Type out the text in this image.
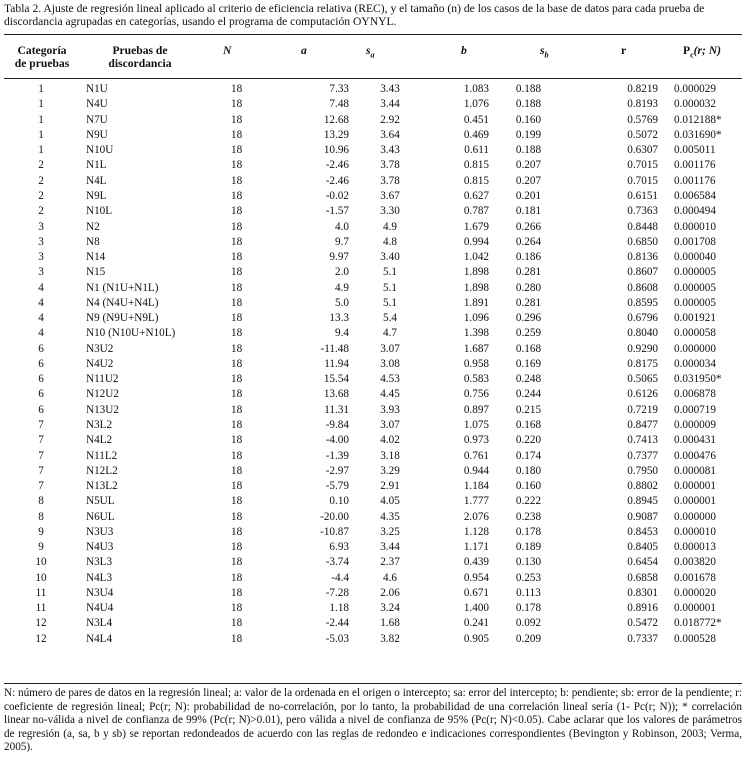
Tabla 2. Ajuste de regresión lineal aplicado al criterio de eficiencia relativa (REC), y el tamaño (n) de los casos de la base de datos para cada prueba de discordancia agrupadas en categorías, usando el programa de computación OYNYL.
Categoría
de pruebas
Pruebas de
discordancia
N	a	$s_a$	b	$s_b$	r	$P_c(r$; N)
1	N1U	18	7.33	3.43	1.083	0.188	0.8219	0.000029
1	N4U	18	7.48	3.44	1.076	0.188	0.8193	0.000032
1	N7U	18	12.68	2.92	0.451	0.160	0.5769	0.012188*
1	N9U	18	13.29	3.64	0.469	0.199	0.5072	0.031690*
1	N10U	18	10.96	3.43	0.611	0.188	0.6307	0.005011
2	N1L	18	-2.46	3.78	0.815	0.207	0.7015	0.001176
2	N4L	18	-2.46	3.78	0.815	0.207	0.7015	0.001176
2	N9L	18	-0.02	3.67	0.627	0.201	0.6151	0.006584
2	N10L	18	-1.57	3.30	0.787	0.181	0.7363	0.000494
3	N2	18	4.0	4.9	1.679	0.266	0.8448	0.000010
3	N8	18	9.7	4.8	0.994	0.264	0.6850	0.001708
3	N14	18	9.97	3.40	1.042	0.186	0.8136	0.000040
3	N15	18	2.0	5.1	1.898	0.281	0.8607	0.000005
4	N1 (N1U+N1L)	18	4.9	5.1	1.898	0.280	0.8608	0.000005
4	N4 (N4U+N4L)	18	5.0	5.1	1.891	0.281	0.8595	0.000005
4	N9 (N9U+N9L)	18	13.3	5.4	1.096	0.296	0.6796	0.001921
4	N10 (N10U+N10L)	18	9.4	4.7	1.398	0.259	0.8040	0.000058
6	N3U2	18	-11.48	3.07	1.687	0.168	0.9290	0.000000
6	N4U2	18	11.94	3.08	0.958	0.169	0.8175	0.000034
6	N11U2	18	15.54	4.53	0.583	0.248	0.5065	0.031950*
6	N12U2	18	13.68	4.45	0.756	0.244	0.6126	0.006878
6	N13U2	18	11.31	3.93	0.897	0.215	0.7219	0.000719
7	N3L2	18	-9.84	3.07	1.075	0.168	0.8477	0.000009
7	N4L2	18	-4.00	4.02	0.973	0.220	0.7413	0.000431
7	N11L2	18	-1.39	3.18	0.761	0.174	0.7377	0.000476
7	N12L2	18	-2.97	3.29	0.944	0.180	0.7950	0.000081
7	N13L2	18	-5.79	2.91	1.184	0.160	0.8802	0.000001
8	N5UL	18	0.10	4.05	1.777	0.222	0.8945	0.000001
8	N6UL	18	-20.00	4.35	2.076	0.238	0.9087	0.000000
9	N3U3	18	-10.87	3.25	1.128	0.178	0.8453	0.000010
9	N4U3	18	6.93	3.44	1.171	0.189	0.8405	0.000013
10	N3L3	18	-3.74	2.37	0.439	0.130	0.6454	0.003820
10	N4L3	18	-4.4	4.6	0.954	0.253	0.6858	0.001678
11	N3U4	18	-7.28	2.06	0.671	0.113	0.8301	0.000020
11	N4U4	18	1.18	3.24	1.400	0.178	0.8916	0.000001
12	N3L4	18	-2.44	1.68	0.241	0.092	0.5472	0.018772*
12	N4L4	18	-5.03	3.82	0.905	0.209	0.7337	0.000528
N: número de pares de datos en la regresión lineal; a: valor de la ordenada en el origen o intercepto; sa: error del intercepto; b: pendiente; sb: error de la pendiente; r: coeficiente de regresión lineal; Pc(r; N): probabilidad de no-correlación, por lo tanto, la probabilidad de una correlación lineal sería (1- Pc(r; N)); * correlación linear no-válida a nivel de confianza de 99% (Pc(r; N)>0.01), pero válida a nivel de confianza de 95% (Pc(r; N)<0.05). Cabe aclarar que los valores de parámetros de regresión (a, sa, b y sb) se reportan redondeados de acuerdo con las reglas de redondeo e indicaciones correspondientes (Bevington y Robinson, 2003; Verma, 2005).
